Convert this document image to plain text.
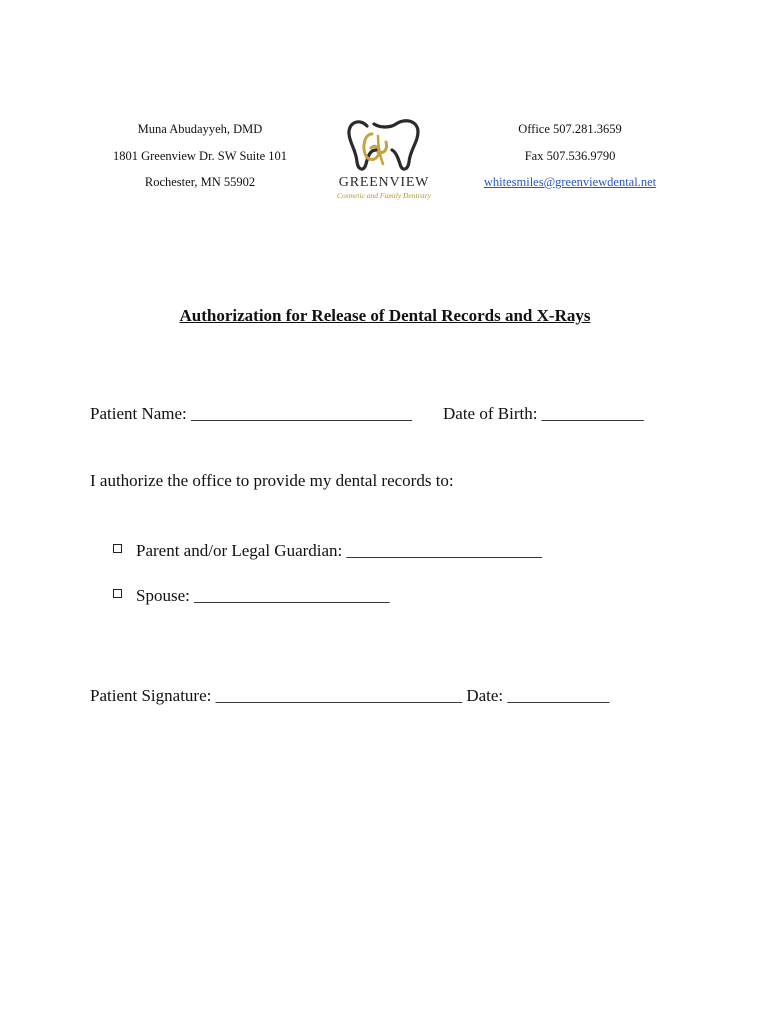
Muna Abudayyeh, DMD
1801 Greenview Dr. SW Suite 101
Rochester, MN 55902	GREENVIEW
Cosmetic and Family Dentistry
Office 507.281.3659
Fax 507.536.9790
whitesmiles@greenviewdental.net
Authorization for Release of Dental Records and X-Rays
Patient Name: __________________________ Date of Birth: ____________
I authorize the office to provide my dental records to:
Parent and/or Legal Guardian: _______________________
Spouse: _______________________
Patient Signature: _____________________________ Date: ____________
